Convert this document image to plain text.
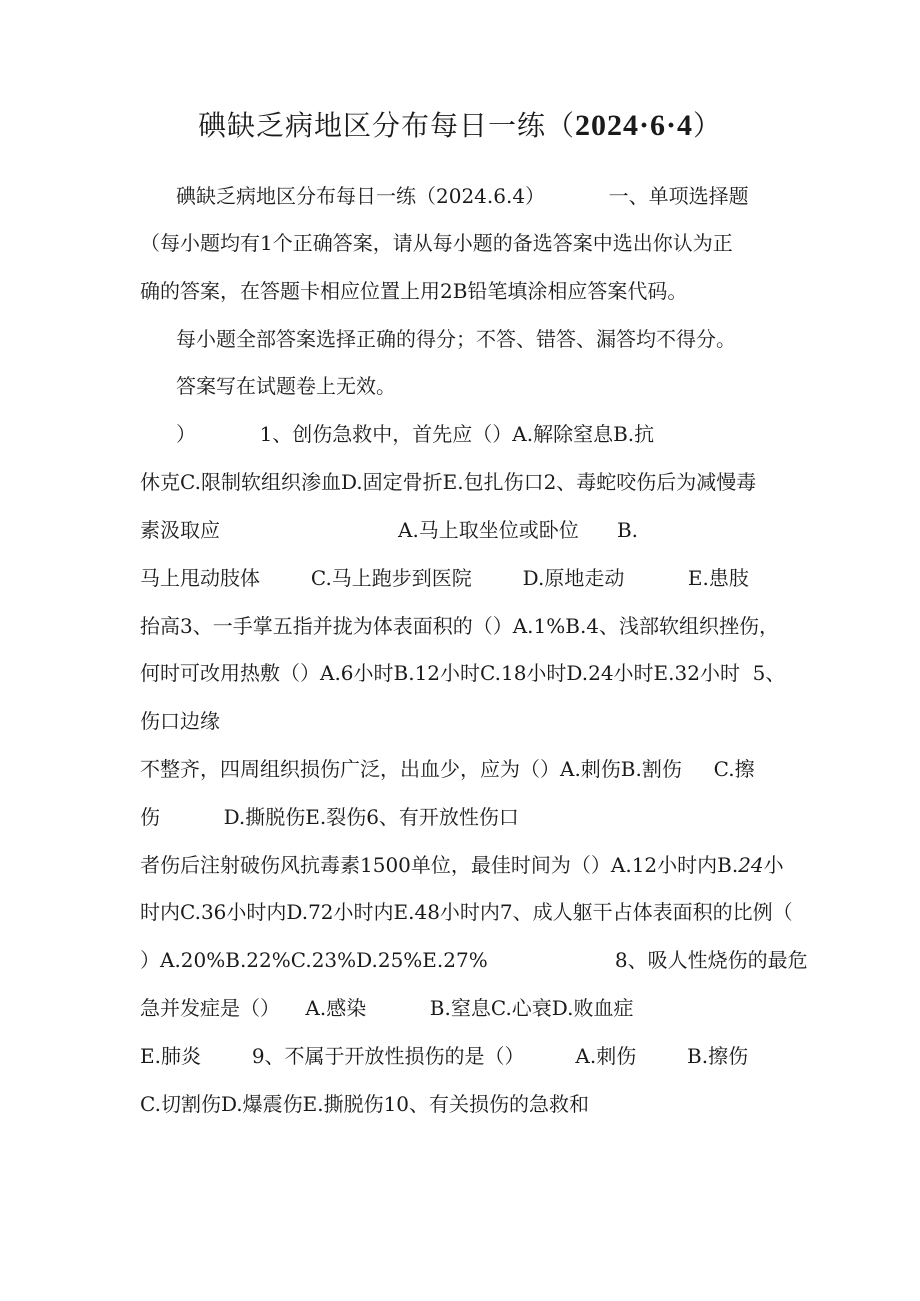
碘缺乏病地区分布每日一练（2024·6·4）
碘缺乏病地区分布每日一练（2024.6.4）          一、单项选择题
（每小题均有1个正确答案，请从每小题的备选答案中选出你认为正
确的答案，在答题卡相应位置上用2B铅笔填涂相应答案代码。
每小题全部答案选择正确的得分；不答、错答、漏答均不得分。
答案写在试题卷上无效。
）          1、创伤急救中，首先应（）A.解除窒息B.抗
休克C.限制软组织渗血D.固定骨折E.包扎伤口2、毒蛇咬伤后为减慢毒
素汲取应                            A.马上取坐位或卧位      B.
马上甩动肢体        C.马上跑步到医院        D.原地走动          E.患肢
抬高3、一手掌五指并拢为体表面积的（）A.1%B.4、浅部软组织挫伤，
何时可改用热敷（）A.6小时B.12小时C.18小时D.24小时E.32小时  5、
伤口边缘
不整齐，四周组织损伤广泛，出血少，应为（）A.刺伤B.割伤     C.擦
伤          D.撕脱伤E.裂伤6、有开放性伤口
者伤后注射破伤风抗毒素1500单位，最佳时间为（）A.12小时内B.24小
时内C.36小时内D.72小时内E.48小时内7、成人躯干占体表面积的比例（
）A.20%B.22%C.23%D.25%E.27%                    8、吸人性烧伤的最危
急并发症是（）    A.感染          B.窒息C.心衰D.败血症
E.肺炎        9、不属于开放性损伤的是（）        A.刺伤        B.擦伤
C.切割伤D.爆震伤E.撕脱伤10、有关损伤的急救和
